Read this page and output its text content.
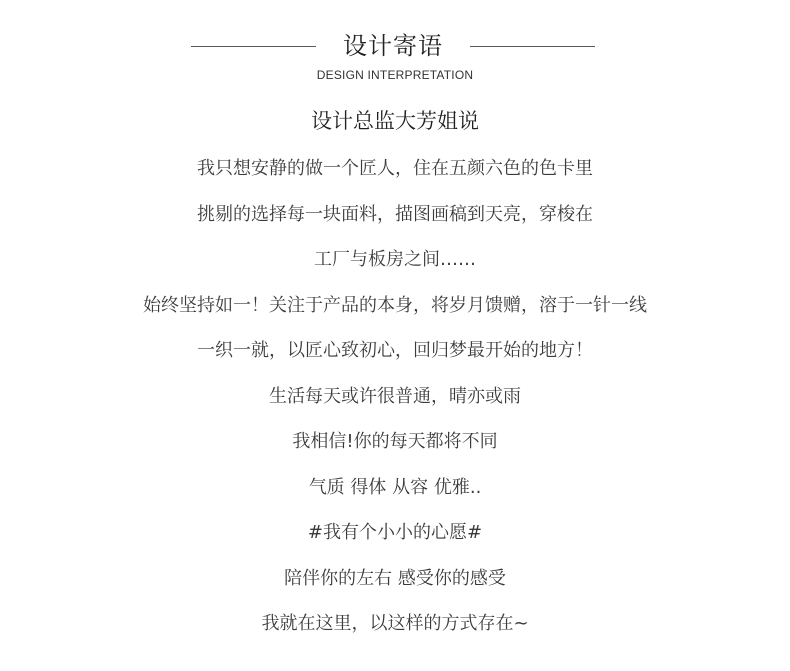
设计寄语
DESIGN INTERPRETATION
设计总监大芳姐说
我只想安静的做一个匠人，住在五颜六色的色卡里
挑剔的选择每一块面料，描图画稿到天亮，穿梭在
工厂与板房之间……
始终坚持如一！关注于产品的本身，将岁月馈赠，溶于一针一线
一织一就，以匠心致初心，回归梦最开始的地方！
生活每天或许很普通，晴亦或雨
我相信!你的每天都将不同
气质 得体 从容 优雅..
#我有个小小的心愿#
陪伴你的左右 感受你的感受
我就在这里，以这样的方式存在~
